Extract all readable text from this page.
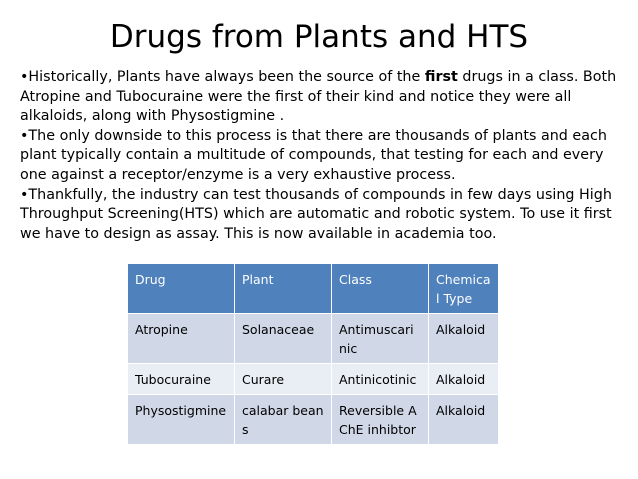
Drugs from Plants and HTS

•Historically, Plants have always been the source of the first drugs in a class. Both Atropine and Tubocuraine were the first of their kind and notice they were all alkaloids, along with Physostigmine .

•The only downside to this process is that there are thousands of plants and each plant typically contain a multitude of compounds, that testing for each and every one against a receptor/enzyme is a very exhaustive process.

•Thankfully, the industry can test thousands of compounds in few days using High Throughput Screening(HTS) which are automatic and robotic system. To use it first we have to design as assay. This is now available in academia too.

Drug	Plant	Class	Chemical Type
Atropine	Solanaceae	Antimuscarinic	Alkaloid
Tubocuraine	Curare	Antinicotinic	Alkaloid
Physostigmine	calabar beans	Reversible AChE inhibtor	Alkaloid
